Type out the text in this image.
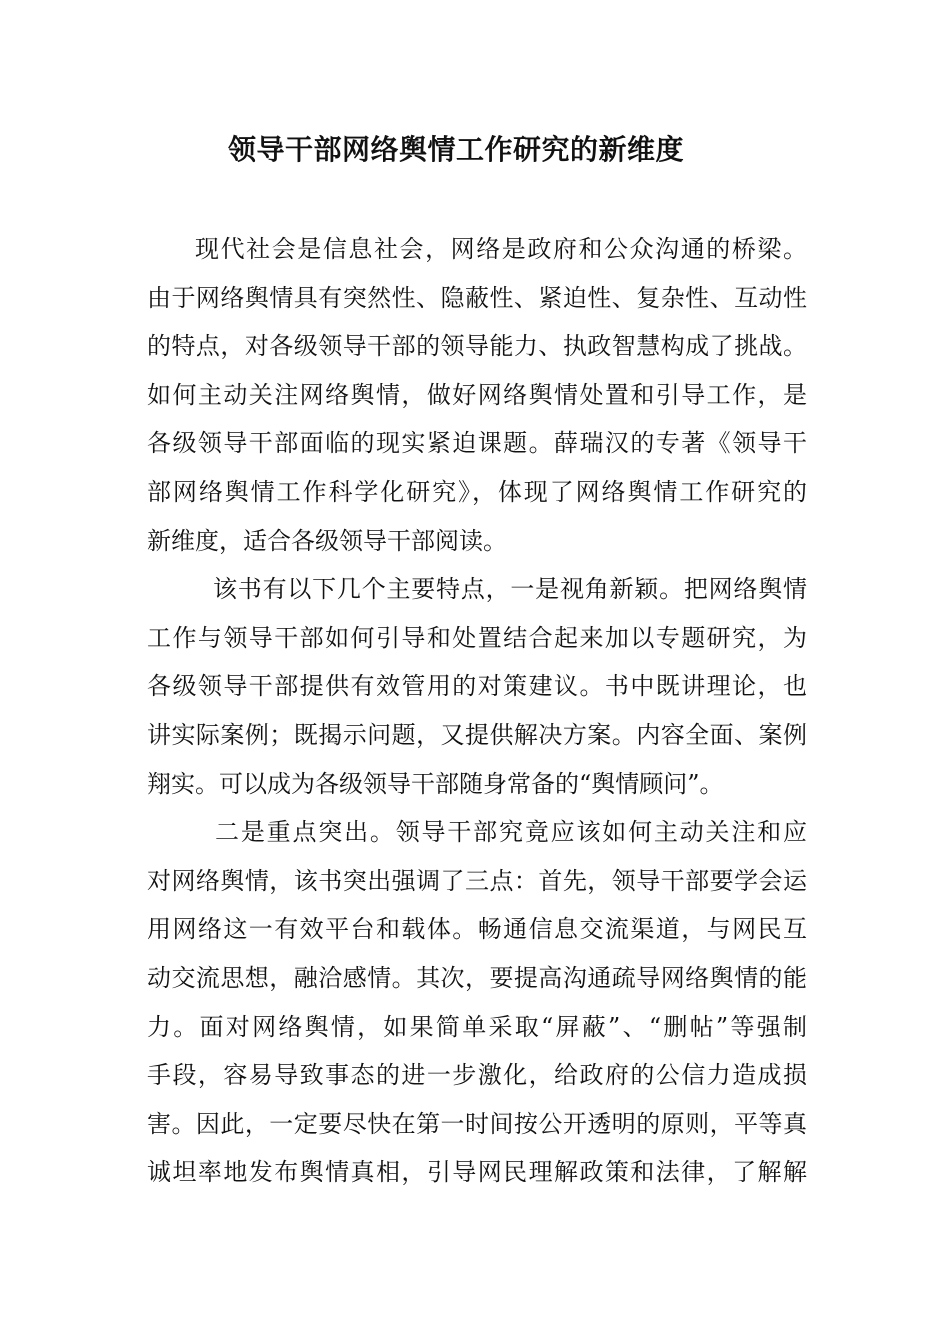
领导干部网络舆情工作研究的新维度
现代社会是信息社会，网络是政府和公众沟通的桥梁。
由于网络舆情具有突然性、隐蔽性、紧迫性、复杂性、互动性
的特点，对各级领导干部的领导能力、执政智慧构成了挑战。
如何主动关注网络舆情，做好网络舆情处置和引导工作，是
各级领导干部面临的现实紧迫课题。薛瑞汉的专著《领导干
部网络舆情工作科学化研究》，体现了网络舆情工作研究的
新维度，适合各级领导干部阅读。
该书有以下几个主要特点，一是视角新颖。把网络舆情
工作与领导干部如何引导和处置结合起来加以专题研究，为
各级领导干部提供有效管用的对策建议。书中既讲理论，也
讲实际案例；既揭示问题，又提供解决方案。内容全面、案例
翔实。可以成为各级领导干部随身常备的“舆情顾问”。
二是重点突出。领导干部究竟应该如何主动关注和应
对网络舆情，该书突出强调了三点：首先，领导干部要学会运
用网络这一有效平台和载体。畅通信息交流渠道，与网民互
动交流思想，融洽感情。其次，要提高沟通疏导网络舆情的能
力。面对网络舆情，如果简单采取“屏蔽”、“删帖”等强制
手段，容易导致事态的进一步激化，给政府的公信力造成损
害。因此，一定要尽快在第一时间按公开透明的原则，平等真
诚坦率地发布舆情真相，引导网民理解政策和法律，了解解
